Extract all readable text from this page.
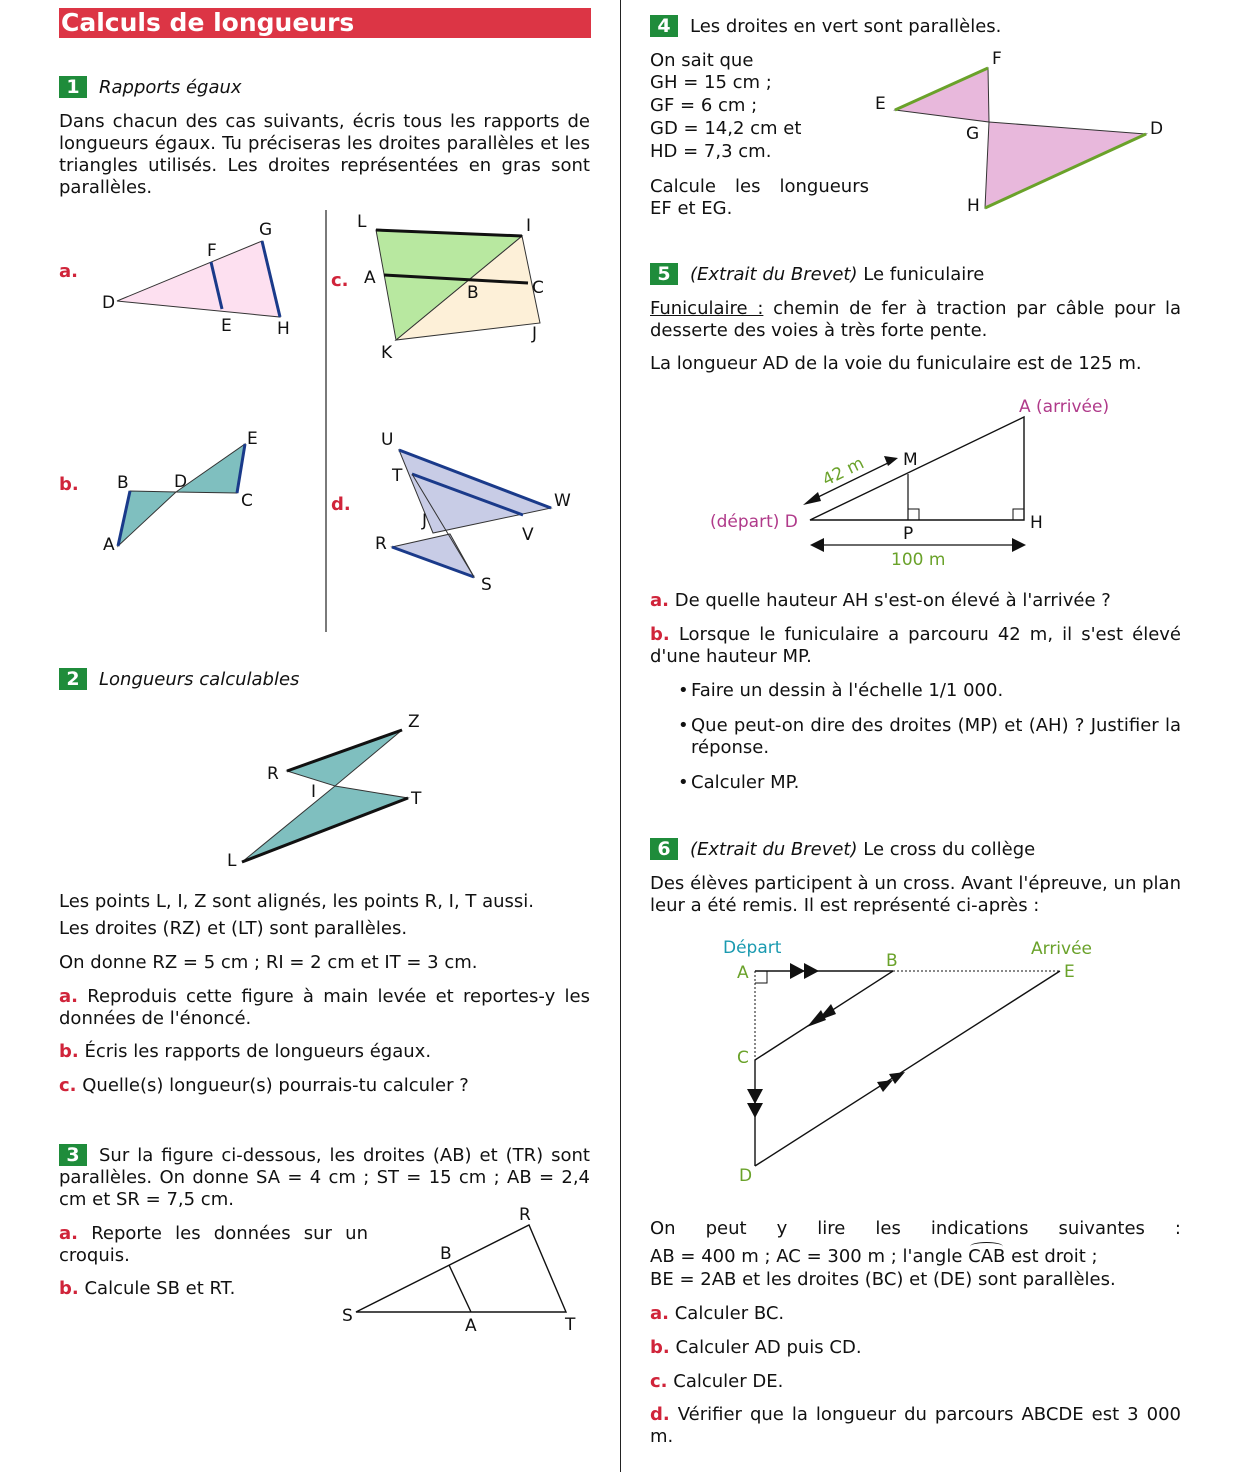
Calculs de longueurs
1 Rapports égaux
Dans chacun des cas suivants, écris tous les rapports de longueurs égaux. Tu préciseras les droites parallèles et les triangles utilisés. Les droites représentées en gras sont parallèles.
a.
b.
c.
d.
G
F
D
E	H
E
B	D
C
A
L	I
A
B	C
K
J
U
T
W
J
V
R
S
2 Longueurs calculables
Z
R
I	T
L
Les points L, I, Z sont alignés, les points R, I, T aussi.
Les droites (RZ) et (LT) sont parallèles.
On donne RZ = 5 cm ; RI = 2 cm et IT = 3 cm.
a. Reproduis cette figure à main levée et reportes-y les données de l'énoncé.
b. Écris les rapports de longueurs égaux.
c. Quelle(s) longueur(s) pourrais-tu calculer ?
3 Sur la figure ci-dessous, les droites (AB) et (TR) sont parallèles. On donne SA = 4 cm ; ST = 15 cm ; AB = 2,4 cm et SR = 7,5 cm.
a. Reporte les données sur un croquis.
b. Calcule SB et RT.
R
B
S	A	T
4 Les droites en vert sont parallèles.
On sait que
GH = 15 cm ;
GF = 6 cm ;
GD = 14,2 cm et
HD = 7,3 cm.
Calcule les longueurs EF et EG.
F
E
G	D
H
5 (Extrait du Brevet) Le funiculaire
Funiculaire : chemin de fer à traction par câble pour la desserte des voies à très forte pente.
La longueur AD de la voie du funiculaire est de 125 m.
A (arrivée)
M
(départ) D
P
H
42 m
100 m
a. De quelle hauteur AH s'est-on élevé à l'arrivée ?
b. Lorsque le funiculaire a parcouru 42 m, il s'est élevé d'une hauteur MP.
• Faire un dessin à l'échelle 1/1 000.
• Que peut-on dire des droites (MP) et (AH) ? Justifier la réponse.
• Calculer MP.
6 (Extrait du Brevet) Le cross du collège
Des élèves participent à un cross. Avant l'épreuve, un plan leur a été remis. Il est représenté ci-après :
Départ	Arrivée
A
B
E
C
D
On peut y lire les indications suivantes :
AB = 400 m ; AC = 300 m ; l'angle
CAB est droit ;
BE = 2AB et les droites (BC) et (DE) sont parallèles.
a. Calculer BC.
b. Calculer AD puis CD.
c. Calculer DE.
d. Vérifier que la longueur du parcours ABCDE est 3 000 m.
